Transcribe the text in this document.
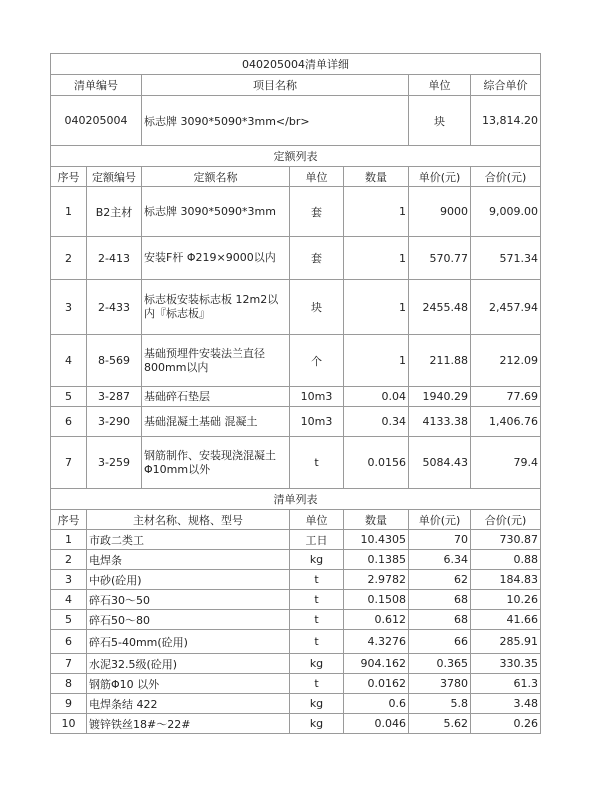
040205004清单详细						
清单编号		项目名称			单位	综合单价
040205004		标志牌 3090*5090*3mm</br>			块	13,814.20
定额列表						
序号	定额编号	定额名称	单位	数量	单价(元)	合价(元)
1	B2主材	标志牌 3090*5090*3mm	套	1	9000	9,009.00
2	2-413	安装F杆 Φ219×9000以内	套	1	570.77	571.34
3	2-433	标志板安装标志板 12m2以内『标志板』	块	1	2455.48	2,457.94
4	8-569	基础预埋件安装法兰直径800mm以内	个	1	211.88	212.09
5	3-287	基础碎石垫层	10m3	0.04	1940.29	77.69
6	3-290	基础混凝土基础 混凝土	10m3	0.34	4133.38	1,406.76
7	3-259	钢筋制作、安装现浇混凝土Φ10mm以外	t	0.0156	5084.43	79.4
清单列表						
序号	主材名称、规格、型号		单位	数量	单价(元)	合价(元)
1	市政二类工		工日	10.4305	70	730.87
2	电焊条		kg	0.1385	6.34	0.88
3	中砂(砼用)		t	2.9782	62	184.83
4	碎石30～50		t	0.1508	68	10.26
5	碎石50～80		t	0.612	68	41.66
6	碎石5-40mm(砼用)		t	4.3276	66	285.91
7	水泥32.5级(砼用)		kg	904.162	0.365	330.35
8	钢筋Φ10 以外		t	0.0162	3780	61.3
9	电焊条结 422		kg	0.6	5.8	3.48
10	镀锌铁丝18#～22#		kg	0.046	5.62	0.26
